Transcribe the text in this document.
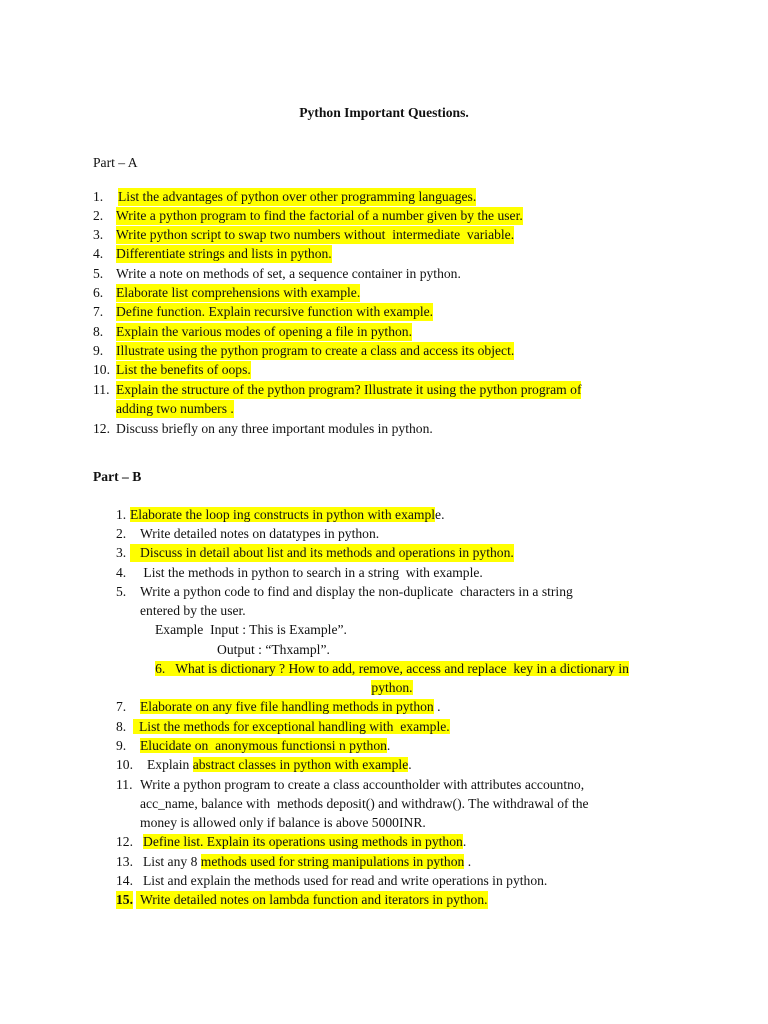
Python Important Questions.
Part – A
1. List the advantages of python over other programming languages.
2. Write a python program to find the factorial of a number given by the user.
3. Write python script to swap two numbers without  intermediate  variable.
4. Differentiate strings and lists in python.
5. Write a note on methods of set, a sequence container in python.
6. Elaborate list comprehensions with example.
7. Define function. Explain recursive function with example.
8. Explain the various modes of opening a file in python.
9. Illustrate using the python program to create a class and access its object.
10. List the benefits of oops.
11. Explain the structure of the python program? Illustrate it using the python program of
adding two numbers .
12. Discuss briefly on any three important modules in python.
Part – B
1. Elaborate the loop ing constructs in python with example.
2. Write detailed notes on datatypes in python.
3.	Discuss in detail about list and its methods and operations in python.
4. List the methods in python to search in a string  with example.
5. Write a python code to find and display the non-duplicate  characters in a string
entered by the user.
Example  Input : This is Example”.
Output : “Thxampl”.
6. What is dictionary ? How to add, remove, access and replace  key in a dictionary in
python.
7. Elaborate on any five file handling methods in python .
8. List the methods for exceptional handling with  example.
9. Elucidate on  anonymous functionsi n python.
10. Explain abstract classes in python with example.
11. Write a python program to create a class accountholder with attributes accountno,
acc_name, balance with  methods deposit() and withdraw(). The withdrawal of the
money is allowed only if balance is above 5000INR.
12. Define list. Explain its operations using methods in python.
13. List any 8 methods used for string manipulations in python .
14. List and explain the methods used for read and write operations in python.
15. Write detailed notes on lambda function and iterators in python.
